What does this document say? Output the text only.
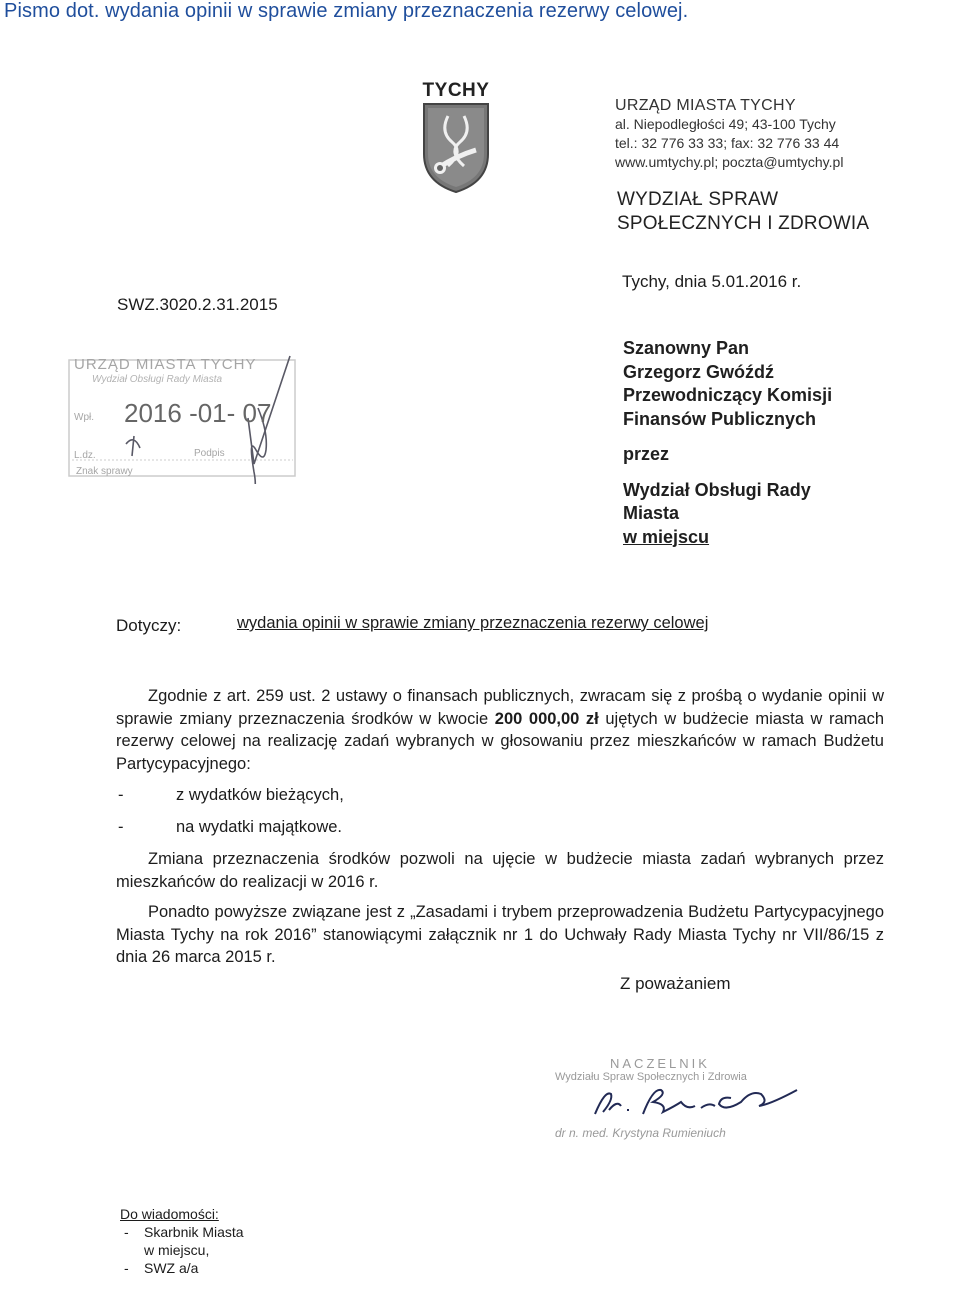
Pismo dot. wydania opinii w sprawie zmiany przeznaczenia rezerwy celowej.
TYCHY
URZĄD MIASTA TYCHY
al. Niepodległości 49; 43-100 Tychy
tel.: 32 776 33 33; fax: 32 776 33 44
www.umtychy.pl; poczta@umtychy.pl
WYDZIAŁ SPRAW
SPOŁECZNYCH I ZDROWIA
Tychy, dnia 5.01.2016 r.
SWZ.3020.2.31.2015
URZĄD MIASTA TYCHY
Wydział Obsługi Rady Miasta
Wpł. 2016 -01- 07
L.dz.	Podpis
Znak sprawy
Szanowny Pan
Grzegorz Gwóźdź
Przewodniczący Komisji
Finansów Publicznych
przez
Wydział Obsługi Rady
Miasta
w miejscu
Dotyczy:	wydania opinii w sprawie zmiany przeznaczenia rezerwy celowej

Zgodnie z art. 259 ust. 2 ustawy o finansach publicznych, zwracam się z prośbą o wydanie opinii w sprawie zmiany przeznaczenia środków w kwocie 200 000,00 zł ujętych w budżecie miasta w ramach rezerwy celowej na realizację zadań wybranych w głosowaniu przez mieszkańców w ramach Budżetu Partycypacyjnego:

-	z wydatków bieżących,

-	na wydatki majątkowe.

Zmiana przeznaczenia środków pozwoli na ujęcie w budżecie miasta zadań wybranych przez mieszkańców do realizacji w 2016 r.

Ponadto powyższe związane jest z „Zasadami i trybem przeprowadzenia Budżetu Partycypacyjnego Miasta Tychy na rok 2016” stanowiącymi załącznik nr 1 do Uchwały Rady Miasta Tychy nr VII/86/15 z dnia 26 marca 2015 r.

Z poważaniem
NACZELNIK
Wydziału Spraw Społecznych i Zdrowia
dr n. med. Krystyna Rumieniuch
Do wiadomości:
- Skarbnik Miasta
w miejscu,
- SWZ a/a
